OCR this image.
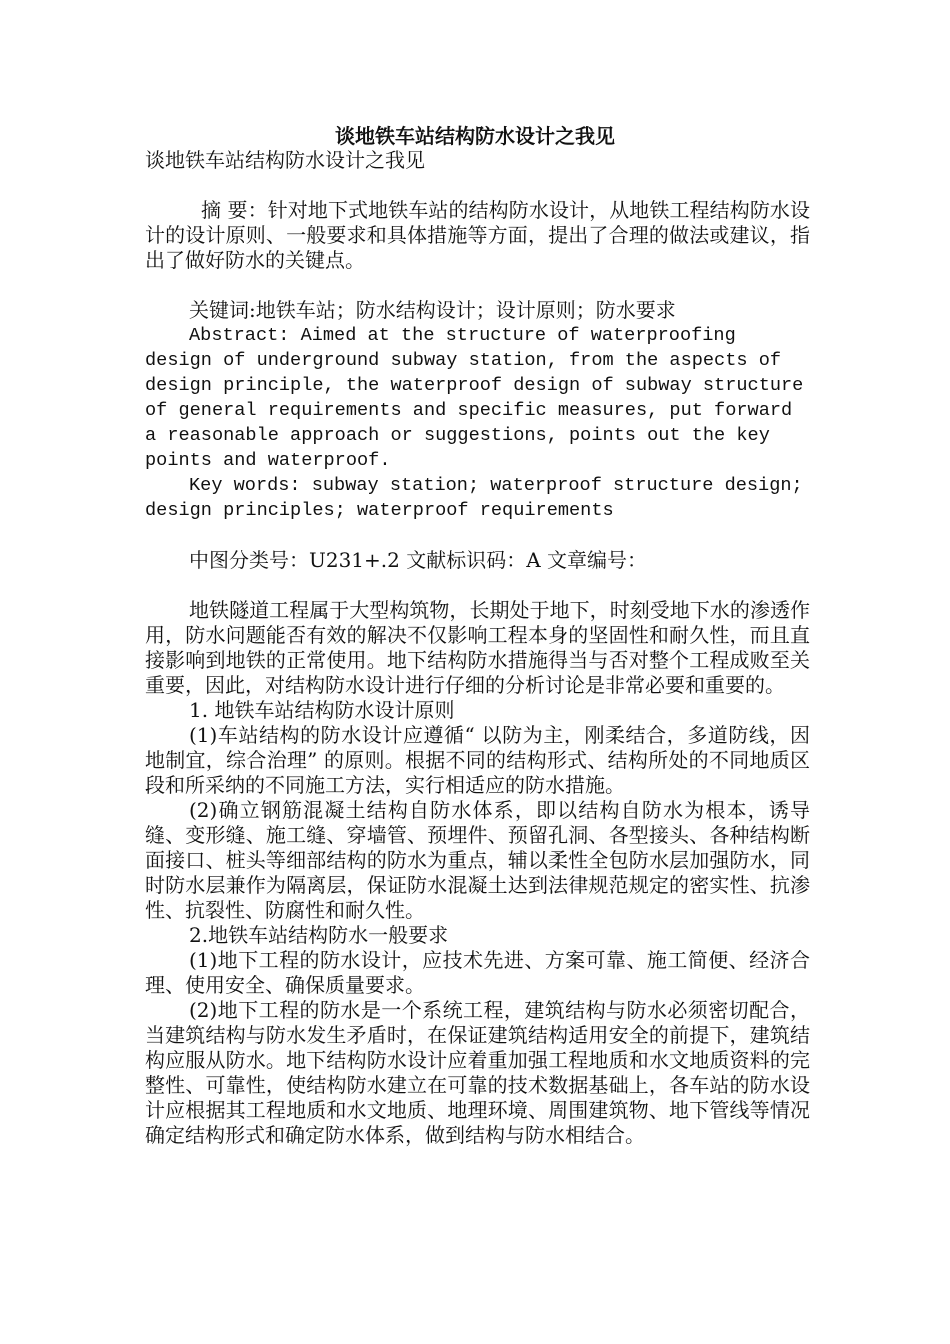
谈地铁车站结构防水设计之我见

谈地铁车站结构防水设计之我见

摘 要：针对地下式地铁车站的结构防水设计，从地铁工程结构防水设计的设计原则、一般要求和具体措施等方面，提出了合理的做法或建议，指出了做好防水的关键点。

关键词:地铁车站；防水结构设计；设计原则；防水要求

Abstract: Aimed at the structure of waterproofing design of underground subway station, from the aspects of design principle, the waterproof design of subway structure of general requirements and specific measures, put forward a reasonable approach or suggestions, points out the key points and waterproof.

Key words: subway station; waterproof structure design; design principles; waterproof requirements

中图分类号：U231+.2 文献标识码：A 文章编号：

地铁隧道工程属于大型构筑物，长期处于地下，时刻受地下水的渗透作用，防水问题能否有效的解决不仅影响工程本身的坚固性和耐久性，而且直接影响到地铁的正常使用。地下结构防水措施得当与否对整个工程成败至关重要，因此，对结构防水设计进行仔细的分析讨论是非常必要和重要的。

1. 地铁车站结构防水设计原则

(1)车站结构的防水设计应遵循“ 以防为主，刚柔结合，多道防线，因地制宜，综合治理” 的原则。根据不同的结构形式、结构所处的不同地质区段和所采纳的不同施工方法，实行相适应的防水措施。

(2)确立钢筋混凝土结构自防水体系，即以结构自防水为根本，诱导缝、变形缝、施工缝、穿墙管、预埋件、预留孔洞、各型接头、各种结构断面接口、桩头等细部结构的防水为重点，辅以柔性全包防水层加强防水，同时防水层兼作为隔离层，保证防水混凝土达到法律规范规定的密实性、抗渗性、抗裂性、防腐性和耐久性。

2.地铁车站结构防水一般要求

(1)地下工程的防水设计，应技术先进、方案可靠、施工简便、经济合理、使用安全、确保质量要求。

(2)地下工程的防水是一个系统工程，建筑结构与防水必须密切配合，当建筑结构与防水发生矛盾时，在保证建筑结构适用安全的前提下，建筑结构应服从防水。地下结构防水设计应着重加强工程地质和水文地质资料的完整性、可靠性，使结构防水建立在可靠的技术数据基础上，各车站的防水设计应根据其工程地质和水文地质、地理环境、周围建筑物、地下管线等情况确定结构形式和确定防水体系，做到结构与防水相结合。
